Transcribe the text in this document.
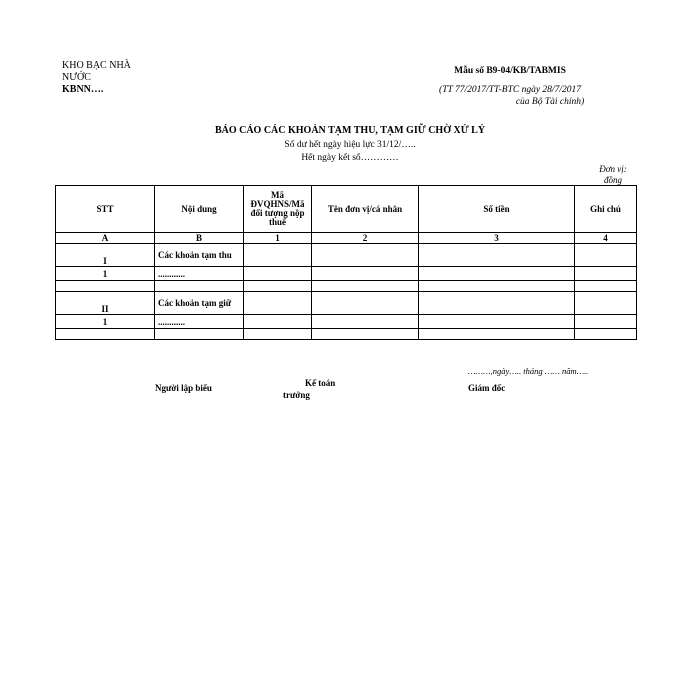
KHO BẠC NHÀ
NƯỚC
KBNN….
Mẫu số B9-04/KB/TABMIS
(TT 77/2017/TT-BTC ngày 28/7/2017
của Bộ Tài chính)
BÁO CÁO CÁC KHOẢN TẠM THU, TẠM GIỮ CHỜ XỬ LÝ
Số dư hết ngày hiệu lực 31/12/…..
Hết ngày kết số…………
Đơn vị:
đồng
STT	Nội dung	Mã ĐVQHNS/Mã đối tượng nộp thuế	Tên đơn vị/cá nhân	Số tiền	Ghi chú
A	B	1	2	3	4
I	Các khoản tạm thu				
1	............				

II	Các khoản tạm giữ				
1	............				

………,ngày….. tháng …… năm…..
Người lập biểu	Kế toán
trưởng
Giám đốc
